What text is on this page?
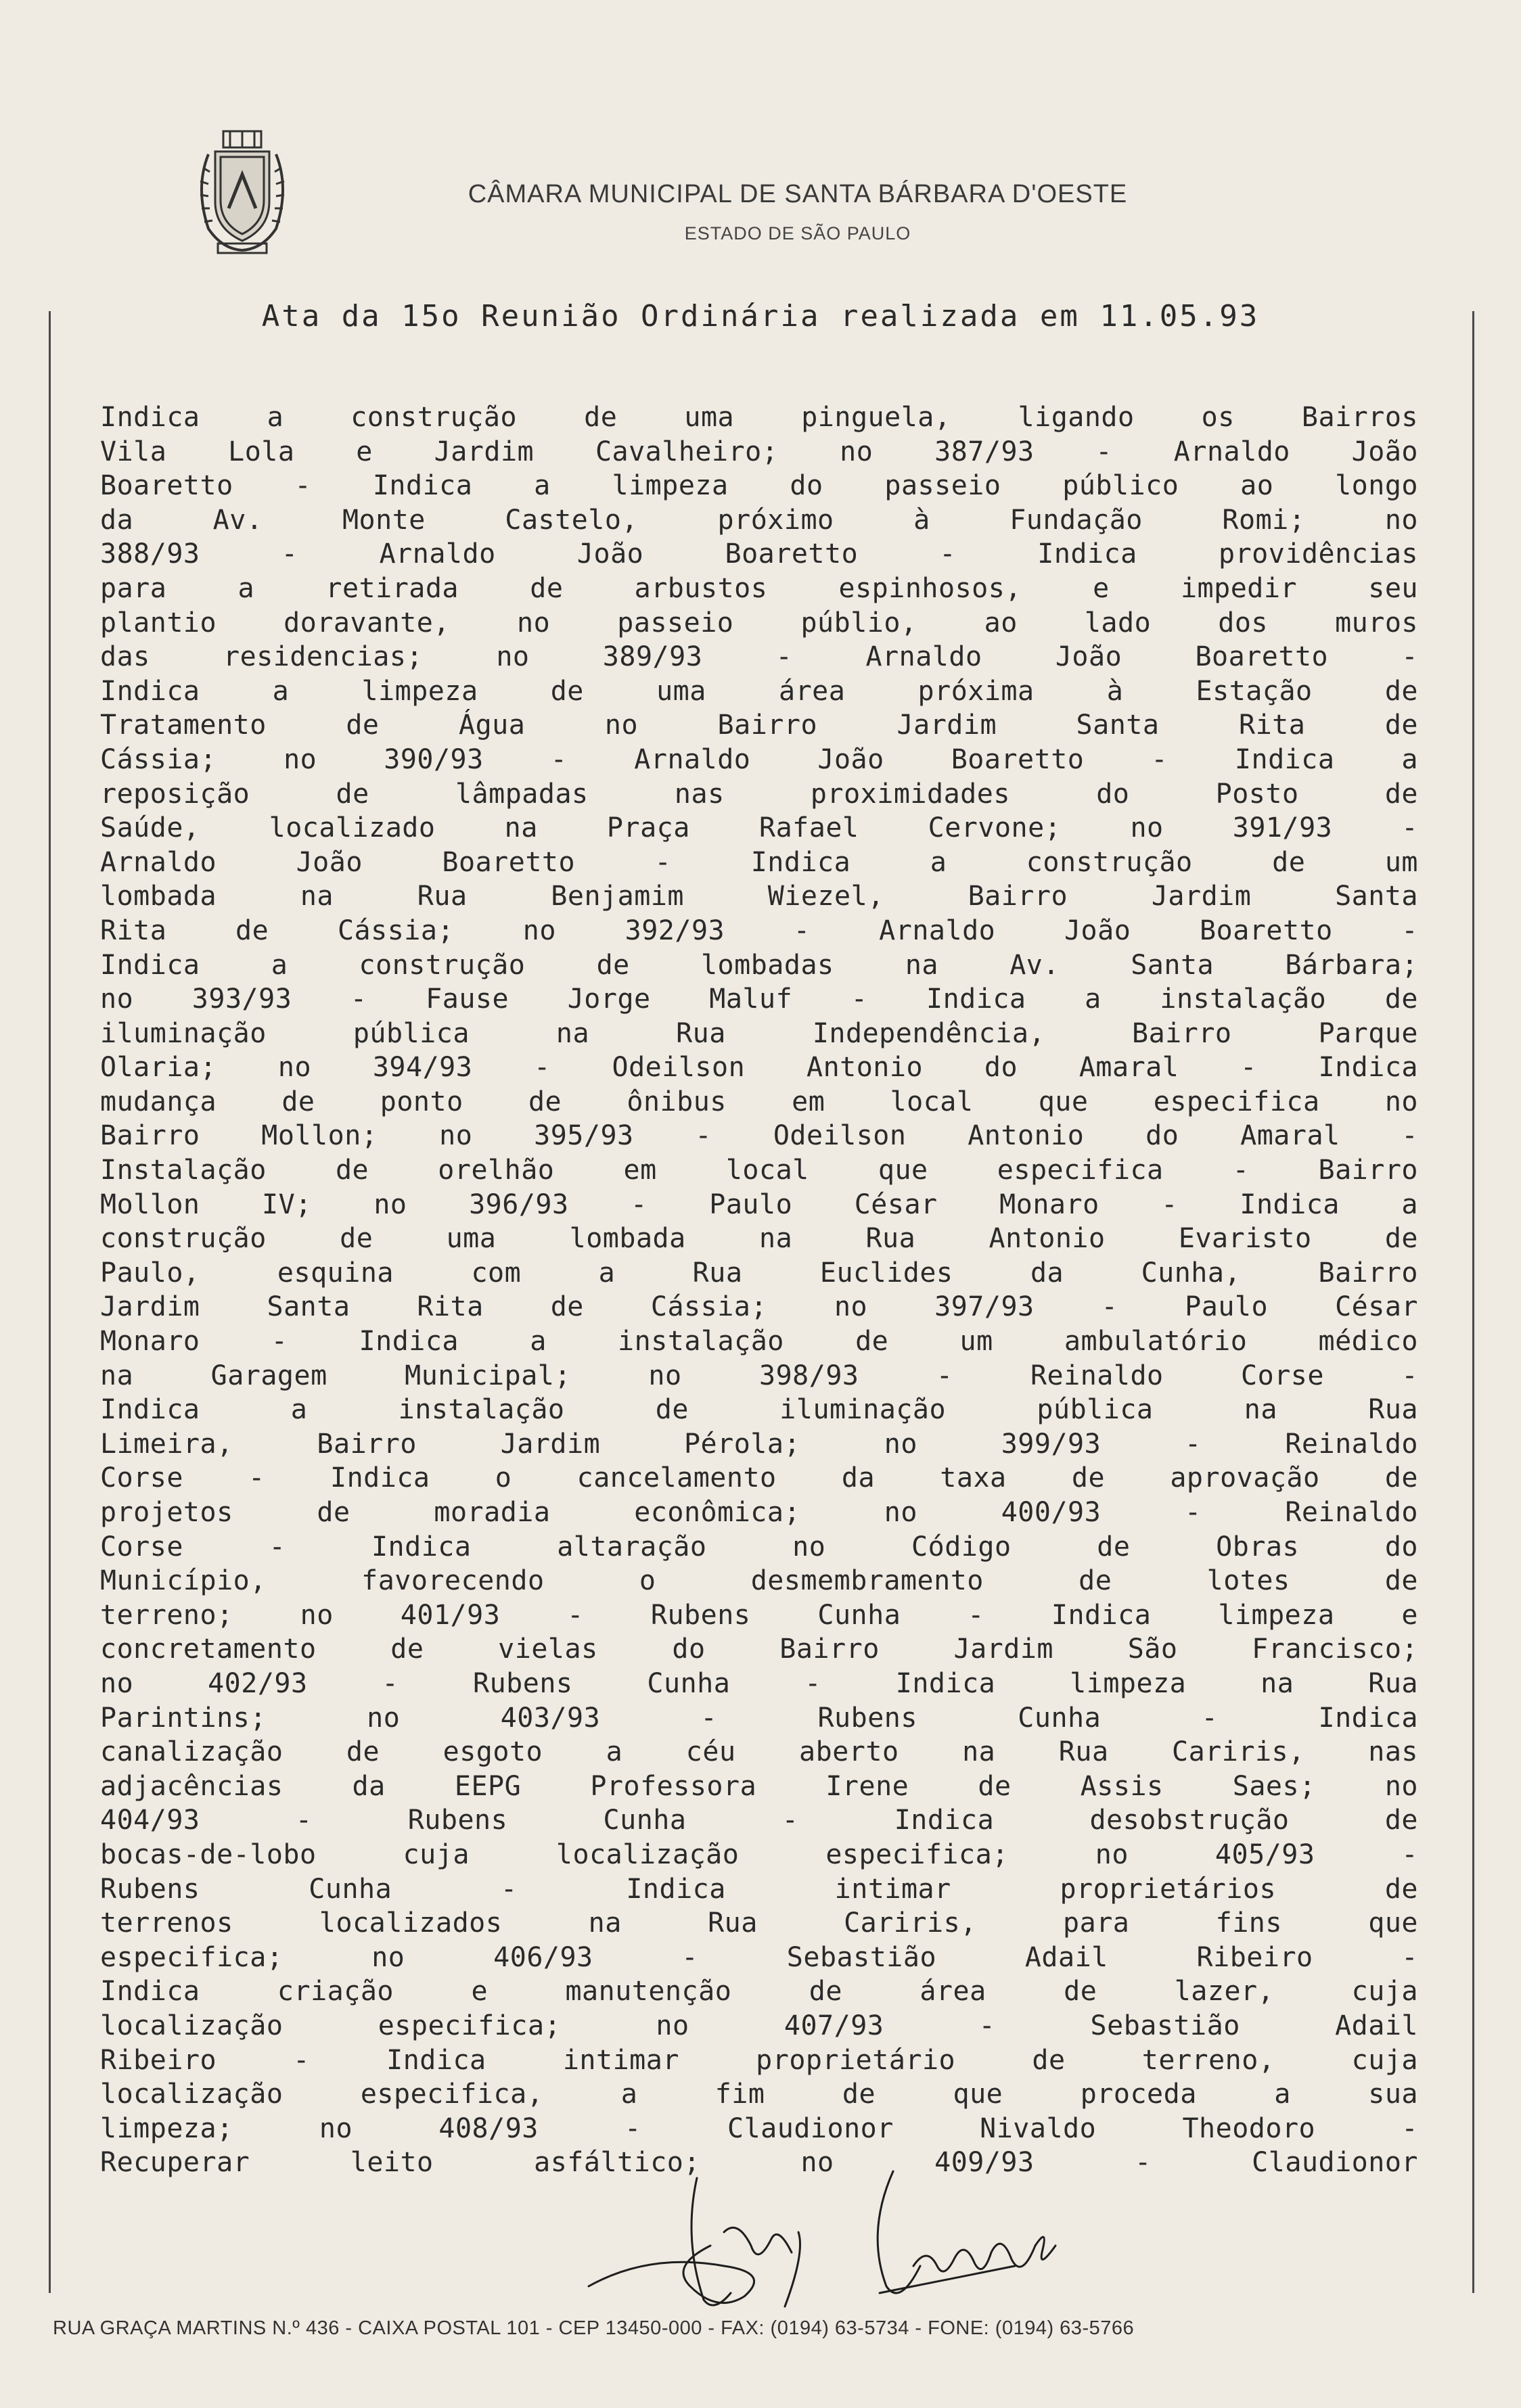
CÂMARA MUNICIPAL DE SANTA BÁRBARA D'OESTE
ESTADO DE SÃO PAULO
Ata da 15o Reunião Ordinária realizada em 11.05.93
Indica a construção de uma pinguela, ligando os Bairros
Vila Lola e Jardim Cavalheiro; no 387/93 - Arnaldo João
Boaretto - Indica a limpeza do passeio público ao longo
da Av. Monte Castelo, próximo à Fundação Romi; no
388/93 - Arnaldo João Boaretto - Indica providências
para a retirada de arbustos espinhosos, e impedir seu
plantio doravante, no passeio públio, ao lado dos muros
das residencias; no 389/93 - Arnaldo João Boaretto -
Indica a limpeza de uma área próxima à Estação de
Tratamento de Água no Bairro Jardim Santa Rita de
Cássia; no 390/93 - Arnaldo João Boaretto - Indica a
reposição de lâmpadas nas proximidades do Posto de
Saúde, localizado na Praça Rafael Cervone; no 391/93 -
Arnaldo João Boaretto - Indica a construção de um
lombada na Rua Benjamim Wiezel, Bairro Jardim Santa
Rita de Cássia; no 392/93 - Arnaldo João Boaretto -
Indica a construção de lombadas na Av. Santa Bárbara;
no 393/93 - Fause Jorge Maluf - Indica a instalação de
iluminação pública na Rua Independência, Bairro Parque
Olaria; no 394/93 - Odeilson Antonio do Amaral - Indica
mudança de ponto de ônibus em local que especifica no
Bairro Mollon; no 395/93 - Odeilson Antonio do Amaral -
Instalação de orelhão em local que especifica - Bairro
Mollon IV; no 396/93 - Paulo César Monaro - Indica a
construção de uma lombada na Rua Antonio Evaristo de
Paulo, esquina com a Rua Euclides da Cunha, Bairro
Jardim Santa Rita de Cássia; no 397/93 - Paulo César
Monaro - Indica a instalação de um ambulatório médico
na Garagem Municipal; no 398/93 - Reinaldo Corse -
Indica a instalação de iluminação pública na Rua
Limeira, Bairro Jardim Pérola; no 399/93 - Reinaldo
Corse - Indica o cancelamento da taxa de aprovação de
projetos de moradia econômica; no 400/93 - Reinaldo
Corse - Indica altaração no Código de Obras do
Município, favorecendo o desmembramento de lotes de
terreno; no 401/93 - Rubens Cunha - Indica limpeza e
concretamento de vielas do Bairro Jardim São Francisco;
no 402/93 - Rubens Cunha - Indica limpeza na Rua
Parintins; no 403/93 - Rubens Cunha - Indica
canalização de esgoto a céu aberto na Rua Cariris, nas
adjacências da EEPG Professora Irene de Assis Saes; no
404/93 - Rubens Cunha - Indica desobstrução de
bocas-de-lobo cuja localização especifica; no 405/93 -
Rubens Cunha - Indica intimar proprietários de
terrenos localizados na Rua Cariris, para fins que
especifica; no 406/93 - Sebastião Adail Ribeiro -
Indica criação e manutenção de área de lazer, cuja
localização especifica; no 407/93 - Sebastião Adail
Ribeiro - Indica intimar proprietário de terreno, cuja
localização especifica, a fim de que proceda a sua
limpeza; no 408/93 - Claudionor Nivaldo Theodoro -
Recuperar leito asfáltico; no 409/93 - Claudionor
RUA GRAÇA MARTINS N.º 436 - CAIXA POSTAL 101 - CEP 13450-000 - FAX: (0194) 63-5734 - FONE: (0194) 63-5766
